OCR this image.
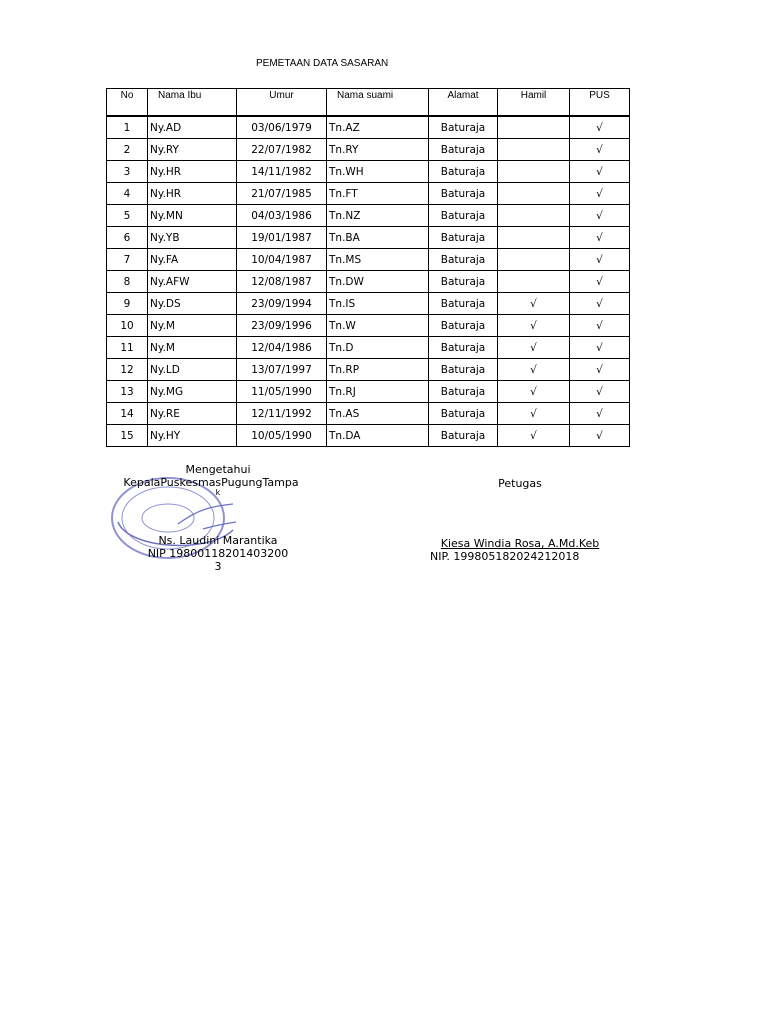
PEMETAAN DATA SASARAN
No	Nama Ibu	Umur	Nama suami	Alamat	Hamil	PUS
1	Ny.AD	03/06/1979	Tn.AZ	Baturaja		√
2	Ny.RY	22/07/1982	Tn.RY	Baturaja		√
3	Ny.HR	14/11/1982	Tn.WH	Baturaja		√
4	Ny.HR	21/07/1985	Tn.FT	Baturaja		√
5	Ny.MN	04/03/1986	Tn.NZ	Baturaja		√
6	Ny.YB	19/01/1987	Tn.BA	Baturaja		√
7	Ny.FA	10/04/1987	Tn.MS	Baturaja		√
8	Ny.AFW	12/08/1987	Tn.DW	Baturaja		√
9	Ny.DS	23/09/1994	Tn.IS	Baturaja	√	√
10	Ny.M	23/09/1996	Tn.W	Baturaja	√	√
11	Ny.M	12/04/1986	Tn.D	Baturaja	√	√
12	Ny.LD	13/07/1997	Tn.RP	Baturaja	√	√
13	Ny.MG	11/05/1990	Tn.RJ	Baturaja	√	√
14	Ny.RE	12/11/1992	Tn.AS	Baturaja	√	√
15	Ny.HY	10/05/1990	Tn.DA	Baturaja	√	√
Mengetahui
KepalaPuskesmasPugungTampa
k
Ns. Laudini Marantika
NIP 19800118201403200
3
Petugas
Kiesa Windia Rosa, A.Md.Keb
NIP. 199805182024212018
